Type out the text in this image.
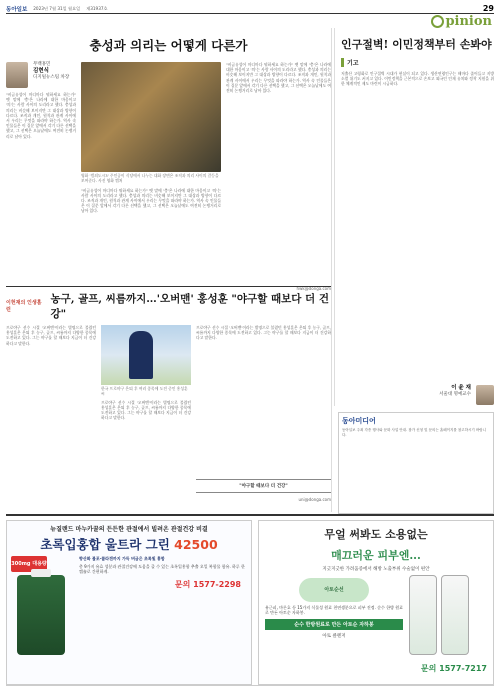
동아일보 2023년 7월 31일 월요일 제31937호	29
pinion
충성과 의리는 어떻게 다른가
무백홍민
김현식
디지털뉴스팀 차장
"비급유성어 마디마다 뭐하세요 하는가" 옛 말에 '충'은 나라에 대한 마음이고 '의'는 사람 사이의 도리라고 했다. 충성과 의리는 비슷해 보이지만 그 대상과 방향이 다르다. 조직과 개인, 원칙과 관계 사이에서 우리는 무엇을 따라야 하는가. 역사 속 인물들은 이 질문 앞에서 각기 다른 선택을 했고, 그 선택은 오늘날에도 여전히 논쟁거리로 남아 있다.
영화 '범죄도시3' 주인공이 식당에서 나누는 대화 장면은 조직과 의리 사이의 갈등을 보여준다. 사진 영화 캡처
"비급유성어 마디마다 뭐하세요 하는가" 옛 말에 '충'은 나라에 대한 마음이고 '의'는 사람 사이의 도리라고 했다. 충성과 의리는 비슷해 보이지만 그 대상과 방향이 다르다. 조직과 개인, 원칙과 관계 사이에서 우리는 무엇을 따라야 하는가. 역사 속 인물들은 이 질문 앞에서 각기 다른 선택을 했고, 그 선택은 오늘날에도 여전히 논쟁거리로 남아 있다.
"비급유성어 마디마다 뭐하세요 하는가" 옛 말에 '충'은 나라에 대한 마음이고 '의'는 사람 사이의 도리라고 했다. 충성과 의리는 비슷해 보이지만 그 대상과 방향이 다르다. 조직과 개인, 원칙과 관계 사이에서 우리는 무엇을 따라야 하는가. 역사 속 인물들은 이 질문 앞에서 각기 다른 선택을 했고, 그 선택은 오늘날에도 여전히 논쟁거리로 남아 있다.
hwk@donga.com
이헌재의 인생홈런
농구, 골프, 씨름까지…'오버맨' 홍성훈 "야구할 때보다 더 건강"
프로야구 선수 시절 '오버맨'이라는 별명으로 불렸던 홍성훈은 은퇴 후 농구, 골프, 씨름까지 다양한 종목에 도전하고 있다. 그는 야구를 할 때보다 지금이 더 건강하다고 말한다.
한국 프로야구 은퇴 후 여러 종목에 도전 중인 홍성훈 씨
프로야구 선수 시절 '오버맨'이라는 별명으로 불렸던 홍성훈은 은퇴 후 농구, 골프, 씨름까지 다양한 종목에 도전하고 있다. 그는 야구를 할 때보다 지금이 더 건강하다고 말한다.
프로야구 선수 시절 '오버맨'이라는 별명으로 불렸던 홍성훈은 은퇴 후 농구, 골프, 씨름까지 다양한 종목에 도전하고 있다. 그는 야구를 할 때보다 지금이 더 건강하다고 말한다.
"야구할 때보다 더 건강"
uni@donga.com
인구절벽! 이민정책부터 손봐야
기고
저출산 고령화로 인구절벽 시대가 현실이 되고 있다. 생산연령인구는 해마다 줄어들고 지방 소멸 위기도 커지고 있다. 이민정책을 근본적으로 손보고 외국인 인재 유치와 정착 지원을 위한 체계적인 제도 마련이 시급하다.
이 윤 재
서울대 명예교수
동아미디어
동아일보 주최 각종 행사와 문화 사업 안내. 참가 신청 및 문의는 홈페이지를 참고하시기 바랍니다.
뉴질랜드 마누카꿀의 든든한 관절에서 빌려온 관절건강 비결
초록입홍합 울트라 그린 42500
300mg 대용량
향산화 불포·콜라겐까지 가득 버금은 초록빛 홍합
총 9가지 유효 성분과 관절건강에 도움을 줄 수 있는 초록입홍합 추출 오일 복합물 함유. 하루 한 캡슐로 간편하게.
문의 1577-2298
무얼 써봐도 소용없는
매끄러운 피부엔...
지긋지긋한 가려움증에서 해방 노출부위 수술없이 편안
아토순선
유근피, 마른호 등 15가지 식물성 원료 천연생분으로 피부 진정. 순수 한방 원료로 만든 아토순 자하봉.
순수 한방원료로 만든 아토순 자하봉
아토 클렌저
문의 1577-7217
